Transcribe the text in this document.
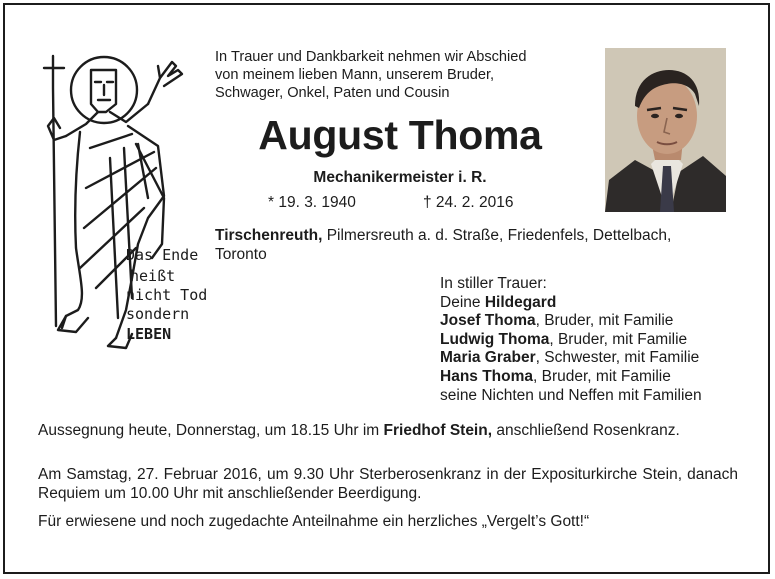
Das Ende
heißt
nicht Tod
sondern
LEBEN
In Trauer und Dankbarkeit nehmen wir Abschied
von meinem lieben Mann, unserem Bruder,
Schwager, Onkel, Paten und Cousin
August Thoma
Mechanikermeister i. R.
* 19. 3. 1940	† 24. 2. 2016
Tirschenreuth, Pilmersreuth a. d. Straße, Friedenfels, Dettelbach,
Toronto
In stiller Trauer:
Deine Hildegard
Josef Thoma, Bruder, mit Familie
Ludwig Thoma, Bruder, mit Familie
Maria Graber, Schwester, mit Familie
Hans Thoma, Bruder, mit Familie
seine Nichten und Neffen mit Familien
Aussegnung heute, Donnerstag, um 18.15 Uhr im Friedhof Stein, anschließend Rosenkranz.
Am Samstag, 27. Februar 2016, um 9.30 Uhr Sterberosenkranz in der Expositurkirche Stein, danach Requiem um 10.00 Uhr mit anschließender Beerdigung.
Für erwiesene und noch zugedachte Anteilnahme ein herzliches „Vergelt’s Gott!“
